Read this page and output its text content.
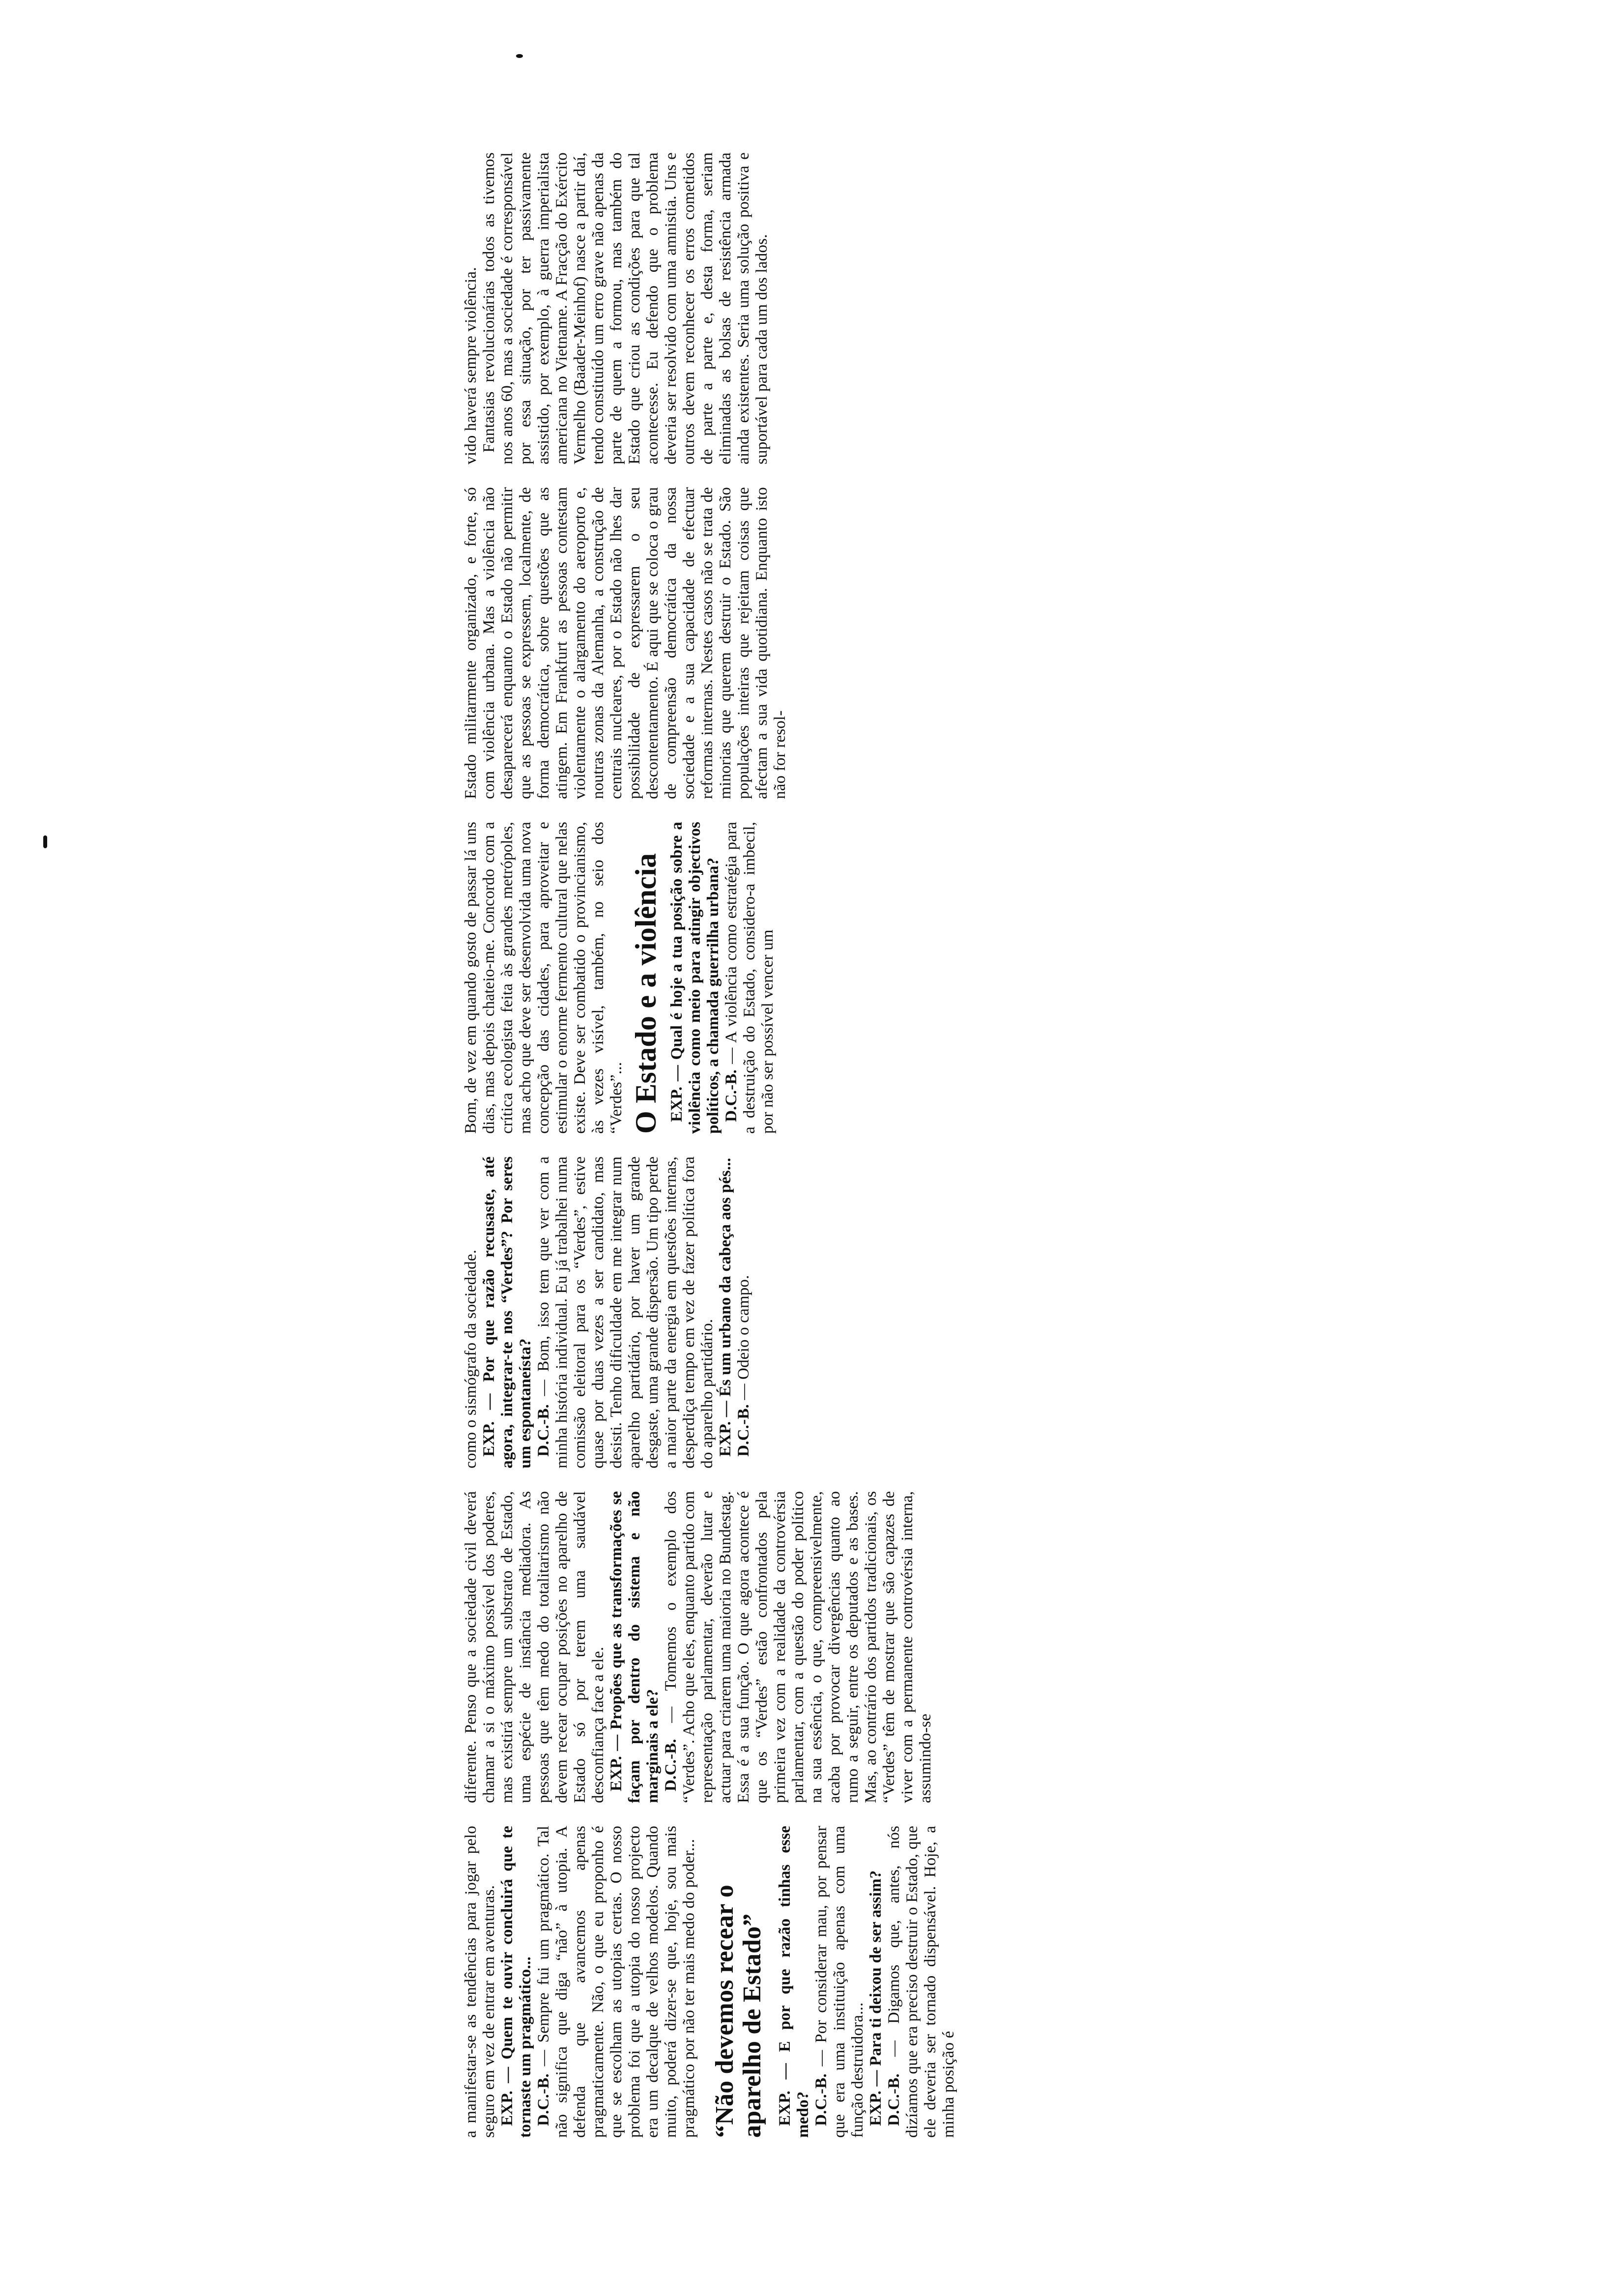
a manifestar-se as tendências para jogar pelo seguro em vez de entrar em aventuras. EXP. — Quem te ouvir concluirá que te tornaste um pragmático... D.C.-B. — Sempre fui um pragmático. Tal não significa que diga “não” à utopia. A defenda que avancemos apenas pragmaticamente. Não, o que eu proponho é que se escolham as utopias certas. O nosso problema foi que a utopia do nosso projecto era um decalque de velhos modelos. Quando muito, poderá dizer-se que, hoje, sou mais pragmático por não ter mais medo do poder... “Não devemos recear o aparelho de Estado” EXP. — E por que razão tinhas esse medo? D.C.-B. — Por considerar mau, por pensar que era uma instituição apenas com uma função destruidora... EXP. — Para ti deixou de ser assim? D.C.-B. — Digamos que, antes, nós dizíamos que era preciso destruir o Estado, que ele deveria ser tornado dispensável. Hoje, a minha posição é

diferente. Penso que a sociedade civil deverá chamar a si o máximo possível dos poderes, mas existirá sempre um substrato de Estado, uma espécie de instância mediadora. As pessoas que têm medo do totalitarismo não devem recear ocupar posições no aparelho de Estado só por terem uma saudável desconfiança face a ele. EXP. — Propões que as transformações se façam por dentro do sistema e não marginais a ele? D.C.-B. — Tomemos o exemplo dos “Verdes”. Acho que eles, enquanto partido com representação parlamentar, deverão lutar e actuar para criarem uma maioria no Bundestag. Essa é a sua função. O que agora acontece é que os “Verdes” estão confrontados pela primeira vez com a realidade da controvérsia parlamentar, com a questão do poder político na sua essência, o que, compreensivelmente, acaba por provocar divergências quanto ao rumo a seguir, entre os deputados e as bases. Mas, ao contrário dos partidos tradicionais, os “Verdes” têm de mostrar que são capazes de viver com a permanente controvérsia interna, assumindo-se

como o sismógrafo da sociedade. EXP. — Por que razão recusaste, até agora, integrar-te nos “Verdes”? Por seres um espontaneísta? D.C.-B. — Bom, isso tem que ver com a minha história individual. Eu já trabalhei numa comissão eleitoral para os “Verdes”, estive quase por duas vezes a ser candidato, mas desisti. Tenho dificuldade em me integrar num aparelho partidário, por haver um grande desgaste, uma grande dispersão. Um tipo perde a maior parte da energia em questões internas, desperdiça tempo em vez de fazer política fora do aparelho partidário. EXP. — És um urbano da cabeça aos pés... D.C.-B. — Odeio o campo.

Bom, de vez em quando gosto de passar lá uns dias, mas depois chateio-me. Concordo com a crítica ecologista feita às grandes metrópoles, mas acho que deve ser desenvolvida uma nova concepção das cidades, para aproveitar e estimular o enorme fermento cultural que nelas existe. Deve ser combatido o provincianismo, às vezes visível, também, no seio dos “Verdes”... O Estado e a violência EXP. — Qual é hoje a tua posição sobre a violência como meio para atingir objectivos políticos, a chamada guerrilha urbana? D.C.-B. — A violência como estratégia para a destruição do Estado, considero-a imbecil, por não ser possível vencer um

Estado militarmente organizado, e forte, só com violência urbana. Mas a violência não desaparecerá enquanto o Estado não permitir que as pessoas se expressem, localmente, de forma democrática, sobre questões que as atingem. Em Frankfurt as pessoas contestam violentamente o alargamento do aeroporto e, noutras zonas da Alemanha, a construção de centrais nucleares, por o Estado não lhes dar possibilidade de expressarem o seu descontentamento. É aqui que se coloca o grau de compreensão democrática da nossa sociedade e a sua capacidade de efectuar reformas internas. Nestes casos não se trata de minorias que querem destruir o Estado. São populações inteiras que rejeitam coisas que afectam a sua vida quotidiana. Enquanto isto não for resol-

vido haverá sempre violência. Fantasias revolucionárias todos as tivemos nos anos 60, mas a sociedade é corresponsável por essa situação, por ter passivamente assistido, por exemplo, à guerra imperialista americana no Vietname. A Fracção do Exército Vermelho (Baader-Meinhof) nasce a partir daí, tendo constituído um erro grave não apenas da parte de quem a formou, mas também do Estado que criou as condições para que tal acontecesse. Eu defendo que o problema deveria ser resolvido com uma amnistia. Uns e outros devem reconhecer os erros cometidos de parte a parte e, desta forma, seriam eliminadas as bolsas de resistência armada ainda existentes. Seria uma solução positiva e suportável para cada um dos lados.
